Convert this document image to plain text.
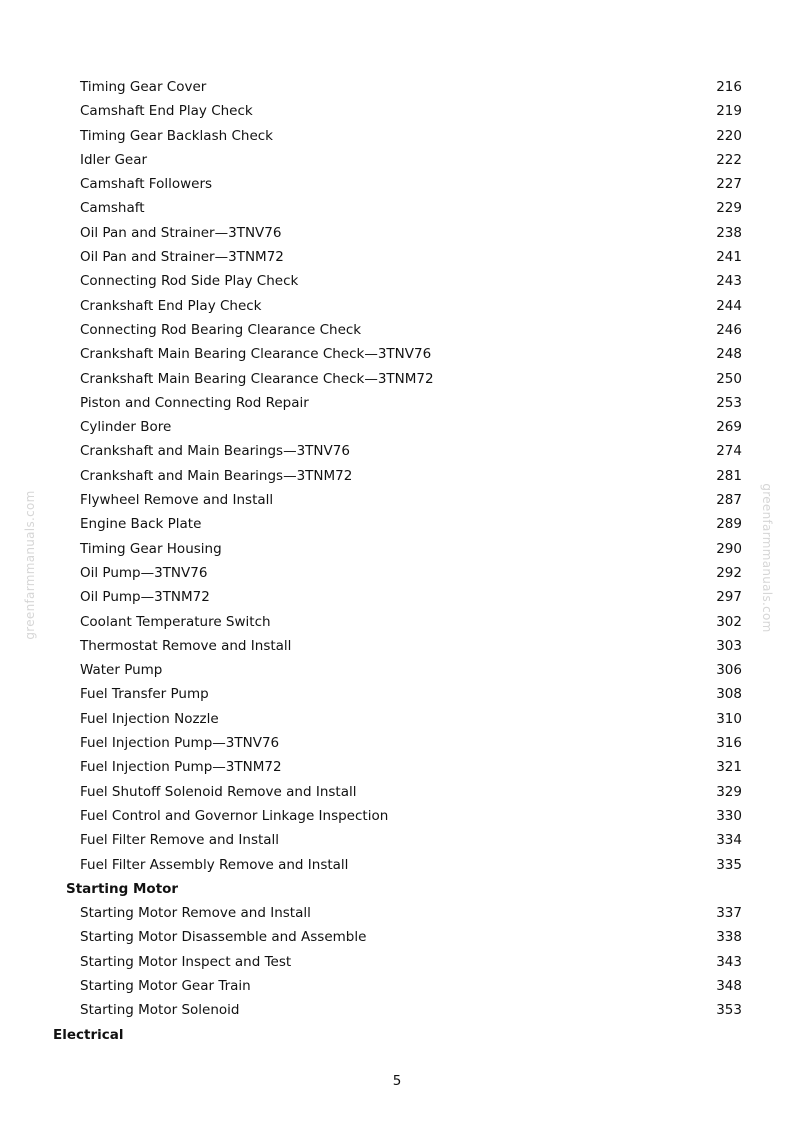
greenfarmmanuals.com	greenfarmmanuals.com
Timing Gear Cover	216
Camshaft End Play Check	219
Timing Gear Backlash Check	220
Idler Gear	222
Camshaft Followers	227
Camshaft	229
Oil Pan and Strainer—3TNV76	238
Oil Pan and Strainer—3TNM72	241
Connecting Rod Side Play Check	243
Crankshaft End Play Check	244
Connecting Rod Bearing Clearance Check	246
Crankshaft Main Bearing Clearance Check—3TNV76	248
Crankshaft Main Bearing Clearance Check—3TNM72	250
Piston and Connecting Rod Repair	253
Cylinder Bore	269
Crankshaft and Main Bearings—3TNV76	274
Crankshaft and Main Bearings—3TNM72	281
Flywheel Remove and Install	287
Engine Back Plate	289
Timing Gear Housing	290
Oil Pump—3TNV76	292
Oil Pump—3TNM72	297
Coolant Temperature Switch	302
Thermostat Remove and Install	303
Water Pump	306
Fuel Transfer Pump	308
Fuel Injection Nozzle	310
Fuel Injection Pump—3TNV76	316
Fuel Injection Pump—3TNM72	321
Fuel Shutoff Solenoid Remove and Install	329
Fuel Control and Governor Linkage Inspection	330
Fuel Filter Remove and Install	334
Fuel Filter Assembly Remove and Install	335
Starting Motor
Starting Motor Remove and Install	337
Starting Motor Disassemble and Assemble	338
Starting Motor Inspect and Test	343
Starting Motor Gear Train	348
Starting Motor Solenoid	353
Electrical
5
